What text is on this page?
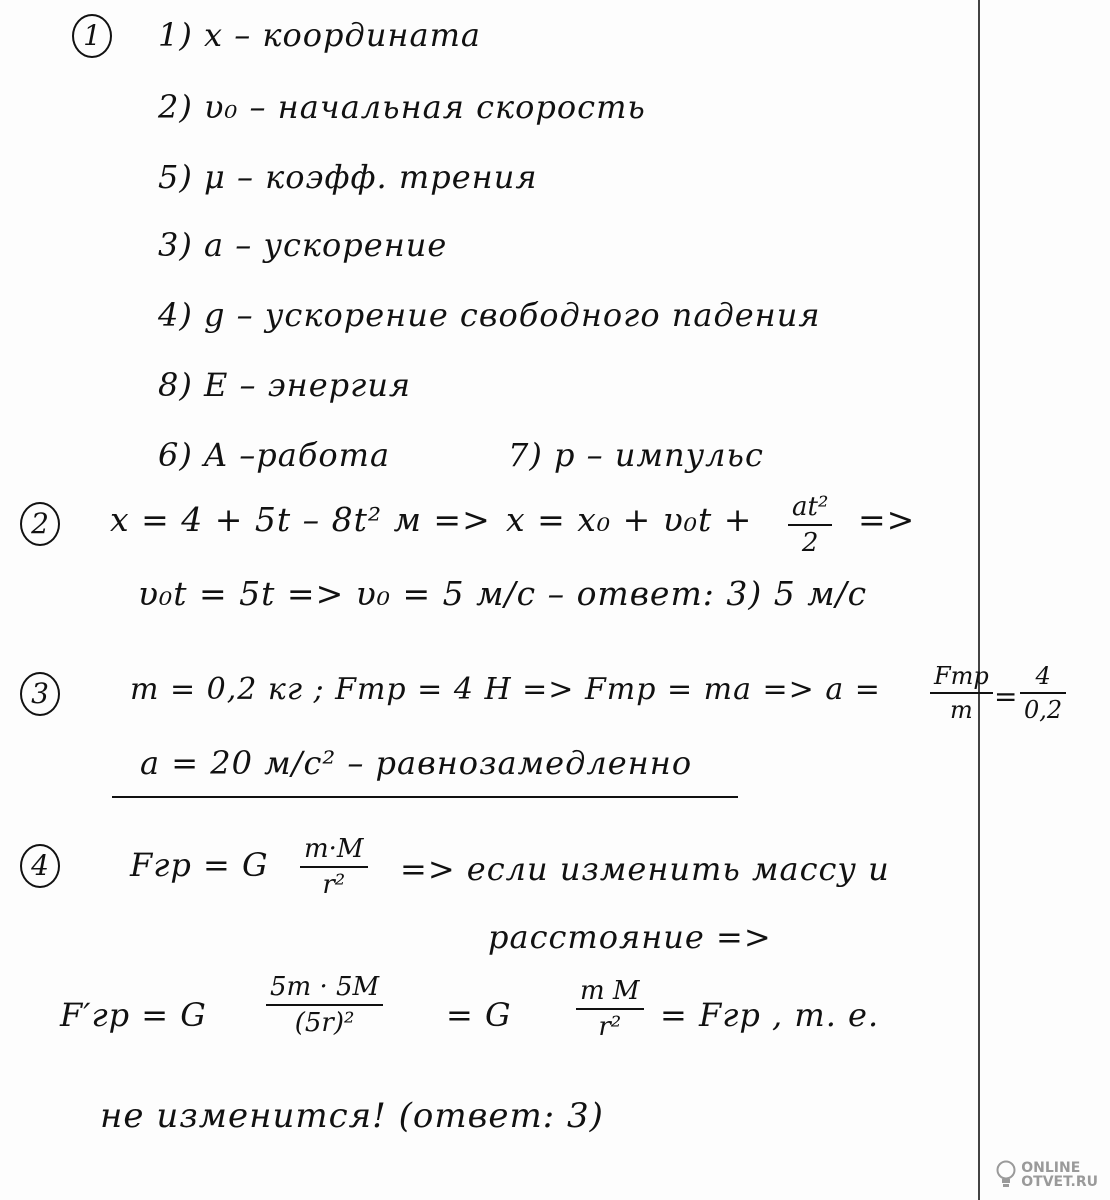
1	1) x – координата
2) υ₀ – начальная скорость
5) μ – коэфф. трения
3) a – ускорение
4) g – ускорение свободного падения
8) E – энергия
6) A –работа	7) p – импульс
2	x = 4 + 5t – 8t² м => x = x₀ + υ₀t + at²
2
=>
υ₀t = 5t => υ₀ = 5 м/с – ответ: 3) 5 м/с
3	m = 0,2 кг ; Fтр = 4 Н => Fтр = ma => a = Fтр
m =
4
0,2
a = 20 м/с² – равнозамедленно
4	Fгр = G m·M
r²	=> если изменить массу и
расстояние =>
F′гр = G
5m · 5M
(5r)²	= G
m M
r²	= Fгр , т. е.
не изменится! (ответ: 3)
ONLINE
OTVET.RU
